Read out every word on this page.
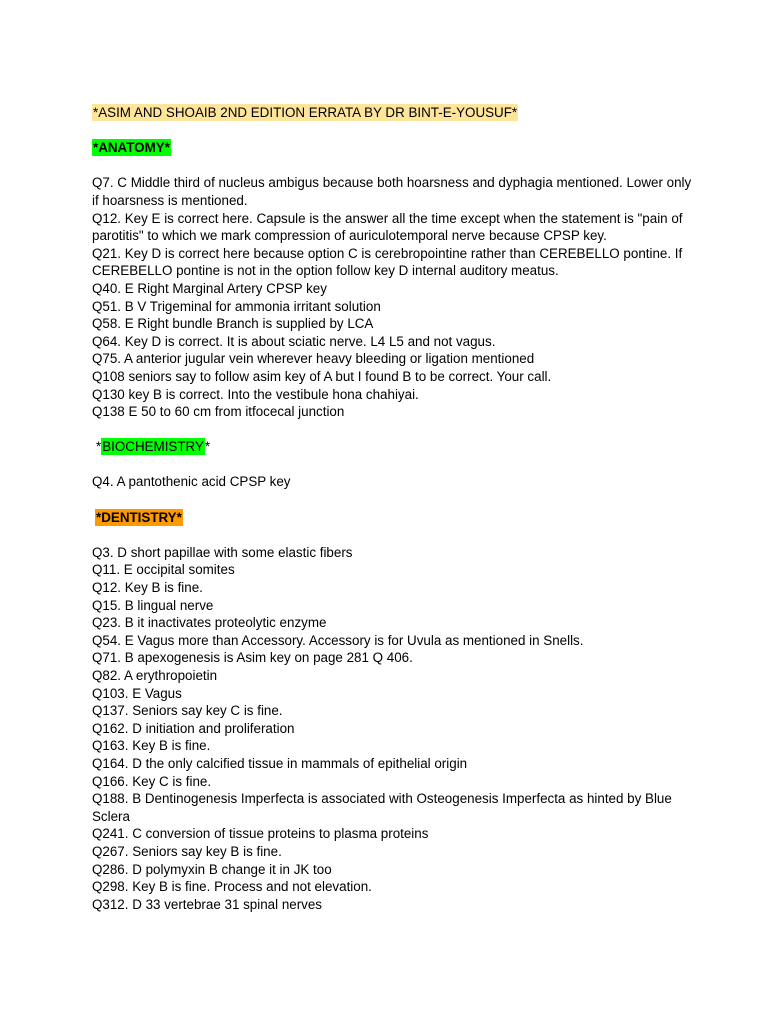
*ASIM AND SHOAIB 2ND EDITION ERRATA BY DR BINT-E-YOUSUF*

*ANATOMY*

Q7. C Middle third of nucleus ambigus because both hoarsness and dyphagia mentioned. Lower only if hoarsness is mentioned.
Q12. Key E is correct here. Capsule is the answer all the time except when the statement is "pain of parotitis" to which we mark compression of auriculotemporal nerve because CPSP key.
Q21. Key D is correct here because option C is cerebropointine rather than CEREBELLO pontine. If CEREBELLO pontine is not in the option follow key D internal auditory meatus.
Q40. E Right Marginal Artery CPSP key
Q51. B V Trigeminal for ammonia irritant solution
Q58. E Right bundle Branch is supplied by LCA
Q64. Key D is correct. It is about sciatic nerve. L4 L5 and not vagus.
Q75. A anterior jugular vein wherever heavy bleeding or ligation mentioned
Q108 seniors say to follow asim key of A but I found B to be correct. Your call.
Q130 key B is correct. Into the vestibule hona chahiyai.
Q138 E 50 to 60 cm from itfocecal junction

*BIOCHEMISTRY*

Q4. A pantothenic acid CPSP key

*DENTISTRY*

Q3. D short papillae with some elastic fibers
Q11. E occipital somites
Q12. Key B is fine.
Q15. B lingual nerve
Q23. B it inactivates proteolytic enzyme
Q54. E Vagus more than Accessory. Accessory is for Uvula as mentioned in Snells.
Q71. B apexogenesis is Asim key on page 281 Q 406.
Q82. A erythropoietin
Q103. E Vagus
Q137. Seniors say key C is fine.
Q162. D initiation and proliferation
Q163. Key B is fine.
Q164. D the only calcified tissue in mammals of epithelial origin
Q166. Key C is fine.
Q188. B Dentinogenesis Imperfecta is associated with Osteogenesis Imperfecta as hinted by Blue Sclera
Q241. C conversion of tissue proteins to plasma proteins
Q267. Seniors say key B is fine.
Q286. D polymyxin B change it in JK too
Q298. Key B is fine. Process and not elevation.
Q312. D 33 vertebrae 31 spinal nerves
